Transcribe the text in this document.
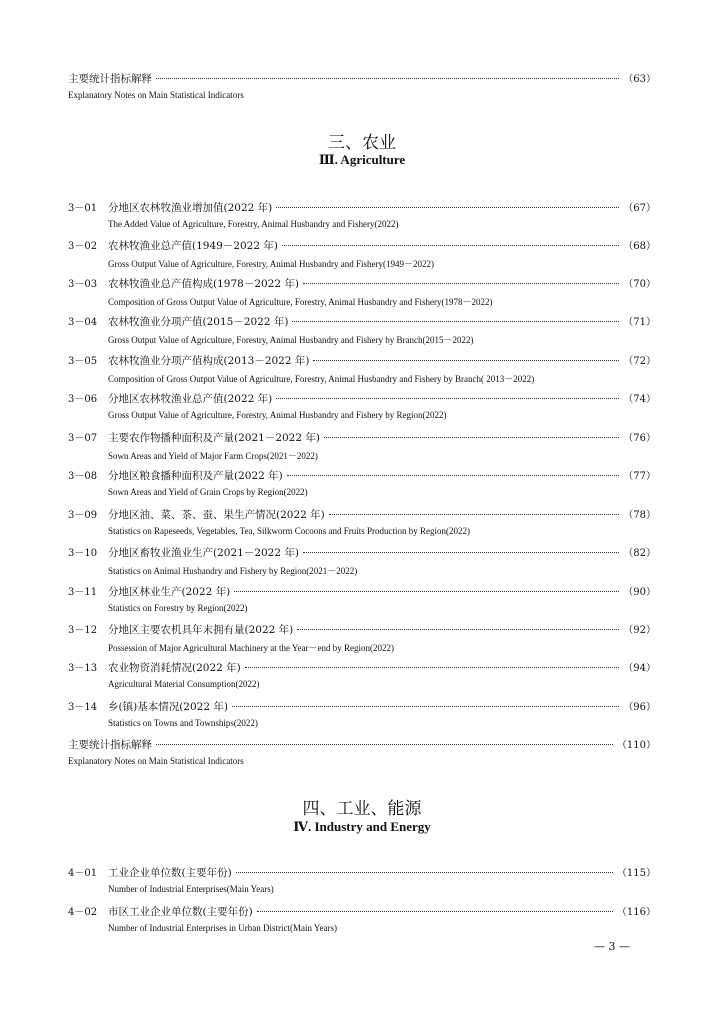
主要统计指标解释	（63）
Explanatory Notes on Main Statistical Indicators
三、农业
Ⅲ. Agriculture
3－01	分地区农林牧渔业增加值(2022 年)	（67）
The Added Value of Agriculture, Forestry, Animal Husbandry and Fishery(2022)
3－02	农林牧渔业总产值(1949－2022 年)	（68）
Gross Output Value of Agriculture, Forestry, Animal Husbandry and Fishery(1949－2022)
3－03	农林牧渔业总产值构成(1978－2022 年)	（70）
Composition of Gross Output Value of Agriculture, Forestry, Animal Husbandry and Fishery(1978－2022)
3－04	农林牧渔业分项产值(2015－2022 年)	（71）
Gross Output Value of Agriculture, Forestry, Animal Husbandry and Fishery by Branch(2015－2022)
3－05	农林牧渔业分项产值构成(2013－2022 年)	（72）
Composition of Gross Output Value of Agriculture, Forestry, Animal Husbandry and Fishery by Branch( 2013－2022)
3－06	分地区农林牧渔业总产值(2022 年)	（74）
Gross Output Value of Agriculture, Forestry, Animal Husbandry and Fishery by Region(2022)
3－07	主要农作物播种面积及产量(2021－2022 年)	（76）
Sown Areas and Yield of Major Farm Crops(2021－2022)
3－08	分地区粮食播种面积及产量(2022 年)	（77）
Sown Areas and Yield of Grain Crops by Region(2022)
3－09	分地区油、菜、茶、蚕、果生产情况(2022 年)	（78）
Statistics on Rapeseeds, Vegetables, Tea, Silkworm Cocoons and Fruits Production by Region(2022)
3－10	分地区畜牧业渔业生产(2021－2022 年)	（82）
Statistics on Animal Husbandry and Fishery by Region(2021－2022)
3－11	分地区林业生产(2022 年)	（90）
Statistics on Forestry by Region(2022)
3－12	分地区主要农机具年末拥有量(2022 年)	（92）
Possession of Major Agricultural Machinery at the Year－end by Region(2022)
3－13	农业物资消耗情况(2022 年)	（94）
Agricultural Material Consumption(2022)
3－14	乡(镇)基本情况(2022 年)	（96）
Statistics on Towns and Townships(2022)
主要统计指标解释	（110）
Explanatory Notes on Main Statistical Indicators
四、工业、能源
Ⅳ. Industry and Energy
4－01	工业企业单位数(主要年份)	（115）
Number of Industrial Enterprises(Main Years)
4－02	市区工业企业单位数(主要年份)	（116）
Number of Industrial Enterprises in Urban District(Main Years)
— 3 —
